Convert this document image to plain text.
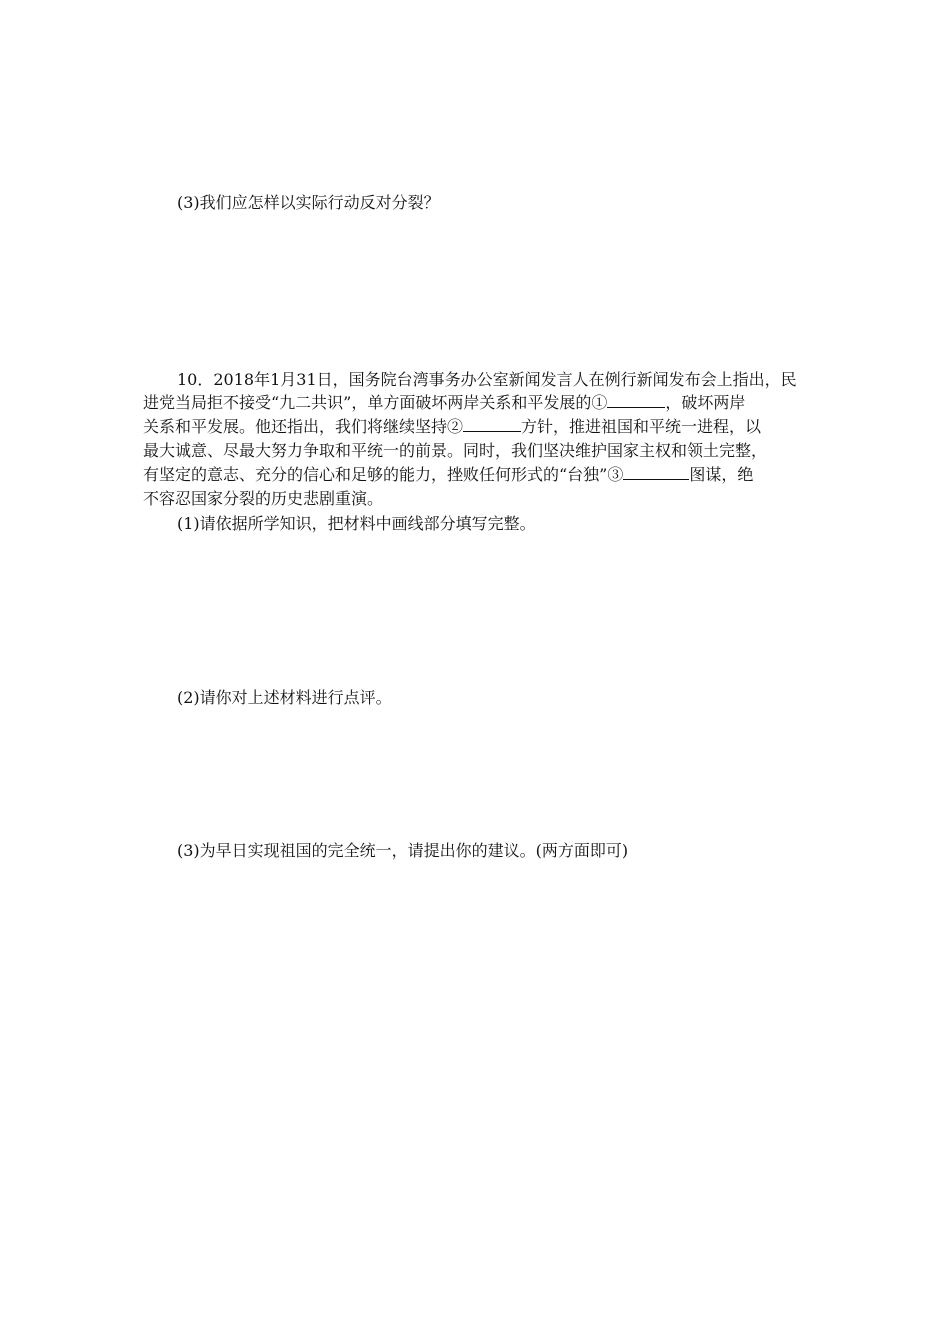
(3)我们应怎样以实际行动反对分裂？
10．2018年1月31日，国务院台湾事务办公室新闻发言人在例行新闻发布会上指出，民
进党当局拒不接受“九二共识”，单方面破坏两岸关系和平发展的①	，破坏两岸
关系和平发展。他还指出，我们将继续坚持②	方针，推进祖国和平统一进程，以
最大诚意、尽最大努力争取和平统一的前景。同时，我们坚决维护国家主权和领土完整，
有坚定的意志、充分的信心和足够的能力，挫败任何形式的“台独”③	图谋，绝
不容忍国家分裂的历史悲剧重演。
(1)请依据所学知识，把材料中画线部分填写完整。
(2)请你对上述材料进行点评。
(3)为早日实现祖国的完全统一，请提出你的建议。(两方面即可)
